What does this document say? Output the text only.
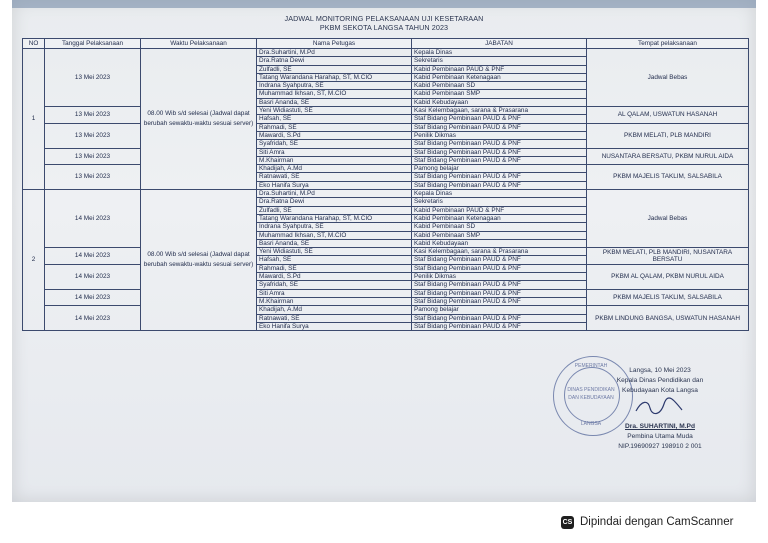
JADWAL MONITORING PELAKSANAAN UJI KESETARAAN
PKBM SEKOTA LANGSA TAHUN 2023
NO	Tanggal Pelaksanaan	Waktu Pelaksanaan	Nama Petugas	JABATAN	Tempat pelaksanaan
1	13 Mei 2023	08.00 Wib s/d selesai (Jadwal dapat berubah sewaktu-waktu sesuai server)	Dra.Suhartini, M.Pd	Kepala Dinas	Jadwal Bebas
			Dra.Ratna Dewi	Sekretaris	
			Zulfadli, SE	Kabid Pembinaan PAUD & PNF	
			Tatang Warandana Harahap, ST, M.CIO	Kabid Pembinaan Ketenagaan	
			Indrana Syahputra, SE	Kabid Pembinaan SD	
			Muhammad Ikhsan, ST, M.CIO	Kabid Pembinaan SMP	
			Basri Ananda, SE	Kabid Kebudayaan	
	13 Mei 2023		Yeni Widiastuti, SE	Kasi Kelembagaan, sarana & Prasarana	AL QALAM, USWATUN HASANAH
			Hafsah, SE	Staf Bidang Pembinaan PAUD & PNF	
	13 Mei 2023		Rahmadi, SE	Staf Bidang Pembinaan PAUD & PNF	PKBM MELATI, PLB MANDIRI
			Mawardi, S.Pd	Penilik Dikmas	
			Syafridah, SE	Staf Bidang Pembinaan PAUD & PNF	
	13 Mei 2023		Siti Amra	Staf Bidang Pembinaan PAUD & PNF	NUSANTARA BERSATU, PKBM NURUL AIDA
			M.Khairman	Staf Bidang Pembinaan PAUD & PNF	
	13 Mei 2023		Khadijah, A.Md	Pamong belajar	PKBM MAJELIS TAKLIM, SALSABILA
			Ratnawati, SE	Staf Bidang Pembinaan PAUD & PNF	
			Eko Hanifa Surya	Staf Bidang Pembinaan PAUD & PNF	
2	14 Mei 2023	08.00 Wib s/d selesai (Jadwal dapat berubah sewaktu-waktu sesuai server)	Dra.Suhartini, M.Pd	Kepala Dinas	Jadwal Bebas
			Dra.Ratna Dewi	Sekretaris	
			Zulfadli, SE	Kabid Pembinaan PAUD & PNF	
			Tatang Warandana Harahap, ST, M.CIO	Kabid Pembinaan Ketenagaan	
			Indrana Syahputra, SE	Kabid Pembinaan SD	
			Muhammad Ikhsan, ST, M.CIO	Kabid Pembinaan SMP	
			Basri Ananda, SE	Kabid Kebudayaan	
	14 Mei 2023		Yeni Widiastuti, SE	Kasi Kelembagaan, sarana & Prasarana	PKBM MELATI, PLB MANDIRI, NUSANTARA BERSATU
			Hafsah, SE	Staf Bidang Pembinaan PAUD & PNF	
	14 Mei 2023		Rahmadi, SE	Staf Bidang Pembinaan PAUD & PNF	PKBM AL QALAM, PKBM NURUL AIDA
			Mawardi, S.Pd	Penilik Dikmas	
			Syafridah, SE	Staf Bidang Pembinaan PAUD & PNF	
	14 Mei 2023		Siti Amra	Staf Bidang Pembinaan PAUD & PNF	PKBM MAJELIS TAKLIM, SALSABILA
			M.Khairman	Staf Bidang Pembinaan PAUD & PNF	
	14 Mei 2023		Khadijah, A.Md	Pamong belajar	PKBM LINDUNG BANGSA, USWATUN HASANAH
			Ratnawati, SE	Staf Bidang Pembinaan PAUD & PNF	
			Eko Hanifa Surya	Staf Bidang Pembinaan PAUD & PNF	
PEMERINTAH
DINAS PENDIDIKAN
DAN KEBUDAYAAN
LANGSA
Langsa, 10 Mei 2023
Kepala Dinas Pendidikan dan
Kebudayaan Kota Langsa
Dra. SUHARTINI, M.Pd
Pembina Utama Muda
NIP.19690927 198910 2 001
CS Dipindai dengan CamScanner
